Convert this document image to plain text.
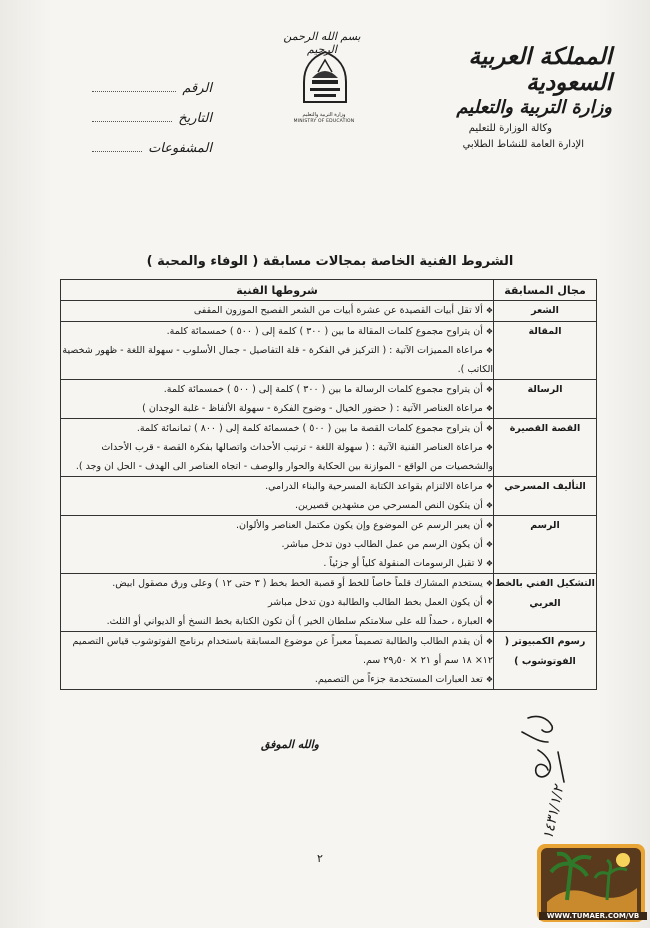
المملكة العربية السعودية
وزارة التربية والتعليم
وكالة الوزارة للتعليم
الإدارة العامة للنشاط الطلابي
بسم الله الرحمن الرحيم
وزارة التربية والتعليم
MINISTRY OF EDUCATION
الرقم
التاريخ
المشفوعات
الشروط الفنية الخاصة بمجالات مسابقة ( الوفاء والمحبة )
مجال المسابقة	شروطها الفنية
الشعر	❖ألا تقل أبيات القصيدة عن عشرة أبيات من الشعر الفصيح الموزون المقفى

المقالة	❖أن يتراوح مجموع كلمات المقالة ما بين ( ٣٠٠ ) كلمة إلى ( ٥٠٠ ) خمسمائة كلمة.

❖مراعاة المميزات الآتية : ( التركيز في الفكرة - قلة التفاصيل - جمال الأسلوب - سهولة اللغة - ظهور شخصية الكاتب ).

الرسالة	❖أن يتراوح مجموع كلمات الرسالة ما بين ( ٣٠٠ ) كلمة إلى ( ٥٠٠ ) خمسمائة كلمة.

❖مراعاة العناصر الآتية : ( حضور الخيال - وضوح الفكرة - سهولة الألفاظ - غلبة الوجدان )

القصة القصيرة	❖أن يتراوح مجموع كلمات القصة ما بين ( ٥٠٠ ) خمسمائة كلمة إلى ( ٨٠٠ ) ثمانمائة كلمة.

❖مراعاة العناصر الفنية الآتية : ( سهولة اللغة - ترتيب الأحداث واتصالها بفكرة القصة - قرب الأحداث والشخصيات من الواقع - الموازنة بين الحكاية والحوار والوصف - اتجاه العناصر الى الهدف - الحل ان وجد ).

التأليف المسرحي	❖مراعاة الالتزام بقواعد الكتابة المسرحية والبناء الدرامي.

❖أن يتكون النص المسرحي من مشهدين قصيرين.

الرسم	❖أن يعبر الرسم عن الموضوع وإن يكون مكتمل العناصر والألوان.

❖أن يكون الرسم من عمل الطالب دون تدخل مباشر.

❖لا تقبل الرسومات المنقولة كلياً أو جزئياً .

التشكيل الفني بالخط العربي	❖يستخدم المشارك قلماً خاصاً للخط أو قصبة الخط بخط ( ٣ حتى ١٢ ) وعلى ورق مصقول ابيض.

❖أن يكون العمل بخط الطالب والطالبة دون تدخل مباشر

❖العبارة ، حمداً لله على سلامتكم سلطان الخير ) أن تكون الكتابة بخط النسخ أو الديواني أو الثلث.

رسوم الكمبيوتر ( الفوتوشوب )	❖أن يقدم الطالب والطالبة تصميماً معبراً عن موضوع المسابقة باستخدام برنامج الفوتوشوب قياس التصميم ١٢× ١٨ سم أو ٢١ × ٢٩٫٥٠ سم.

❖تعد العبارات المستخدمة جزءاً من التصميم.

والله الموفق
١٤٣١/١/٢
٢
WWW.TUMAER.COM/VB
